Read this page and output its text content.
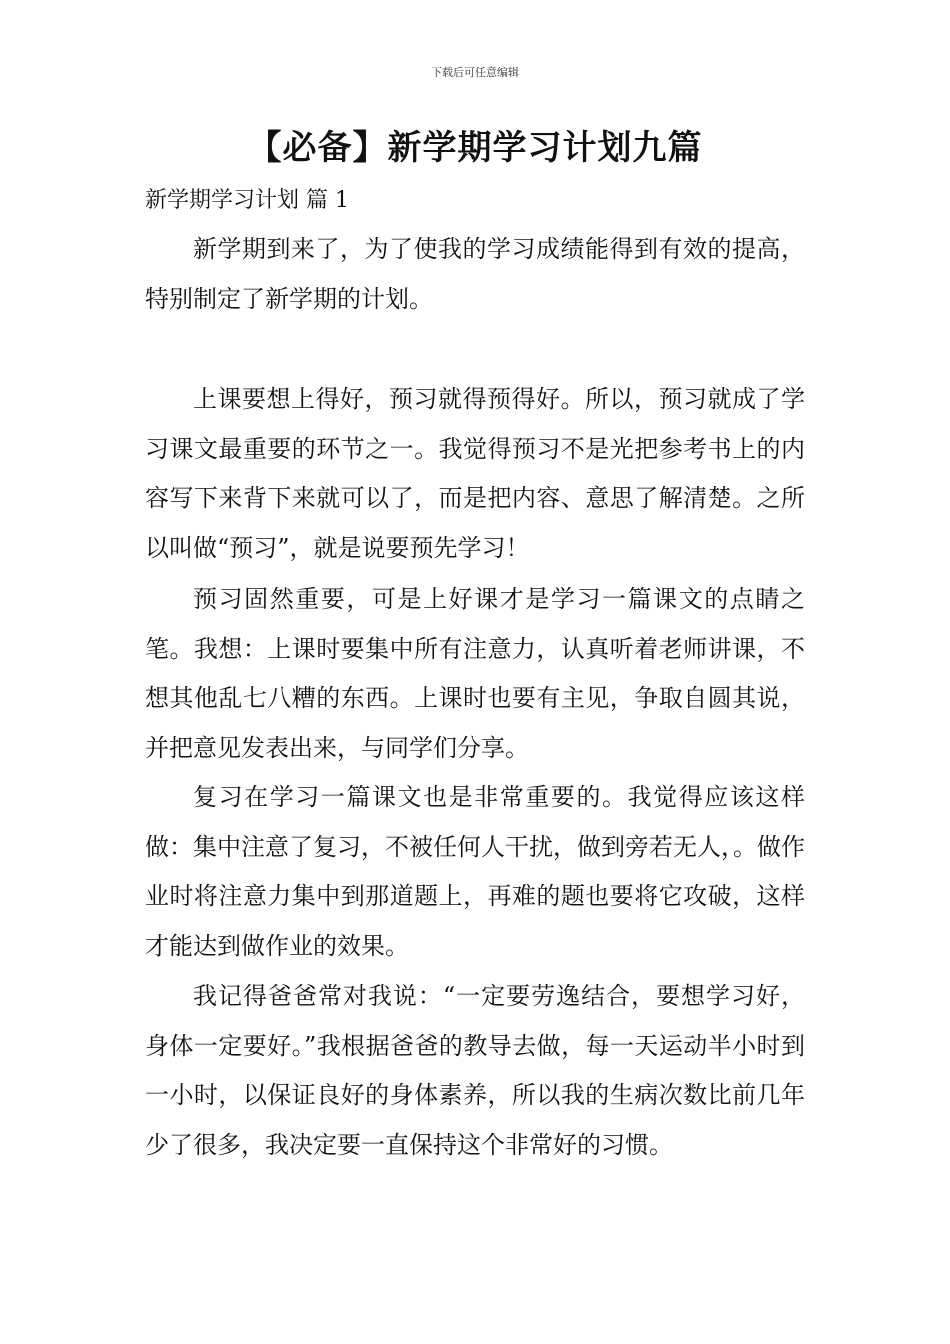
下载后可任意编辑
【必备】新学期学习计划九篇
新学期学习计划 篇 1

新学期到来了，为了使我的学习成绩能得到有效的提高，特别制定了新学期的计划。

上课要想上得好，预习就得预得好。所以，预习就成了学习课文最重要的环节之一。我觉得预习不是光把参考书上的内容写下来背下来就可以了，而是把内容、意思了解清楚。之所以叫做“预习”，就是说要预先学习！

预习固然重要，可是上好课才是学习一篇课文的点睛之笔。我想：上课时要集中所有注意力，认真听着老师讲课，不想其他乱七八糟的东西。上课时也要有主见，争取自圆其说，并把意见发表出来，与同学们分享。

复习在学习一篇课文也是非常重要的。我觉得应该这样做：集中注意了复习，不被任何人干扰，做到旁若无人，。做作业时将注意力集中到那道题上，再难的题也要将它攻破，这样才能达到做作业的效果。

我记得爸爸常对我说：“一定要劳逸结合，要想学习好，身体一定要好。”我根据爸爸的教导去做，每一天运动半小时到一小时，以保证良好的身体素养，所以我的生病次数比前几年少了很多，我决定要一直保持这个非常好的习惯。
